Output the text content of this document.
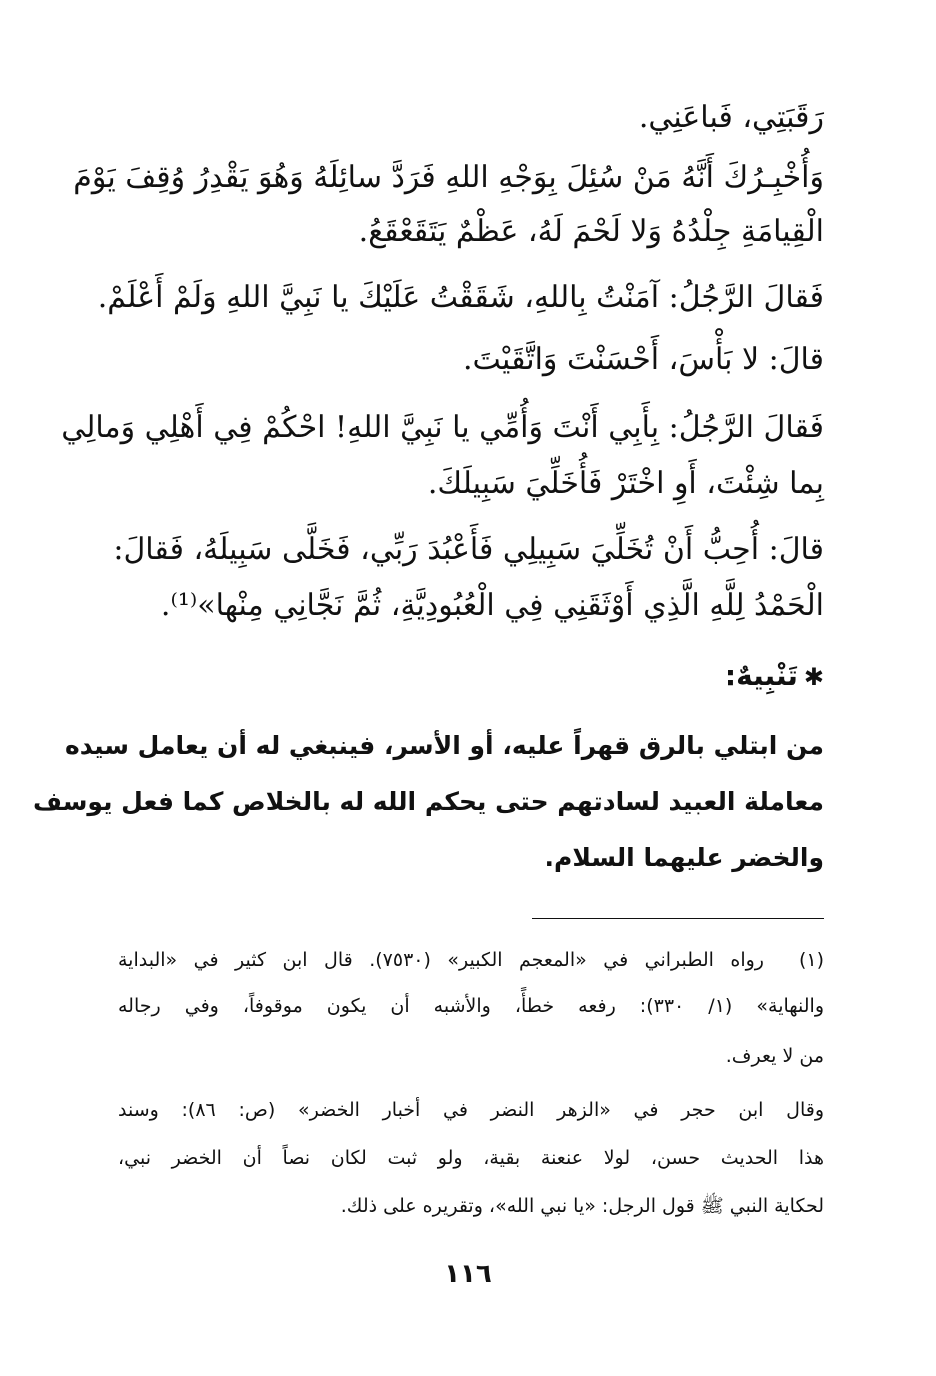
رَقَبَتِي، فَباعَنِي.
وَأُخْبِـرُكَ أَنَّهُ مَنْ سُئِلَ بِوَجْهِ اللهِ فَرَدَّ سائِلَهُ وَهُوَ يَقْدِرُ وُقِفَ يَوْمَ
الْقِيامَةِ جِلْدُهُ وَلا لَحْمَ لَهُ، عَظْمٌ يَتَقَعْقَعُ.
فَقالَ الرَّجُلُ: آمَنْتُ بِاللهِ، شَقَقْتُ عَلَيْكَ يا نَبِيَّ اللهِ وَلَمْ أَعْلَمْ.
قالَ: لا بَأْسَ، أَحْسَنْتَ وَاتَّقَيْتَ.
فَقالَ الرَّجُلُ: بِأَبِي أَنْتَ وَأُمِّي يا نَبِيَّ اللهِ! احْكُمْ فِي أَهْلِي وَمالِي
بِما شِئْتَ، أَوِ اخْتَرْ فَأُخَلِّيَ سَبِيلَكَ.
قالَ: أُحِبُّ أَنْ تُخَلِّيَ سَبِيلِي فَأَعْبُدَ رَبِّي، فَخَلَّى سَبِيلَهُ، فَقالَ:
الْحَمْدُ لِلَّهِ الَّذِي أَوْثَقَنِي فِي الْعُبُودِيَّةِ، ثُمَّ نَجَّانِي مِنْها»⁽¹⁾.
✱تَنْبِيهٌ:
من ابتلي بالرق قهراً عليه، أو الأسر، فينبغي له أن يعامل سيده
معاملة العبيد لسادتهم حتى يحكم الله له بالخلاص كما فعل يوسف
والخضر عليهما السلام.
(١)
رواه الطبراني في «المعجم الكبير» (٧٥٣٠). قال ابن كثير في «البداية
والنهاية» (١/ ٣٣٠): رفعه خطأً، والأشبه أن يكون موقوفاً، وفي رجاله
من لا يعرف.
وقال ابن حجر في «الزهر النضر في أخبار الخضر» (ص: ٨٦): وسند
هذا الحديث حسن، لولا عنعنة بقية، ولو ثبت لكان نصاً أن الخضر نبي،
لحكاية النبي ﷺ قول الرجل: «يا نبي الله»، وتقريره على ذلك.
١١٦
